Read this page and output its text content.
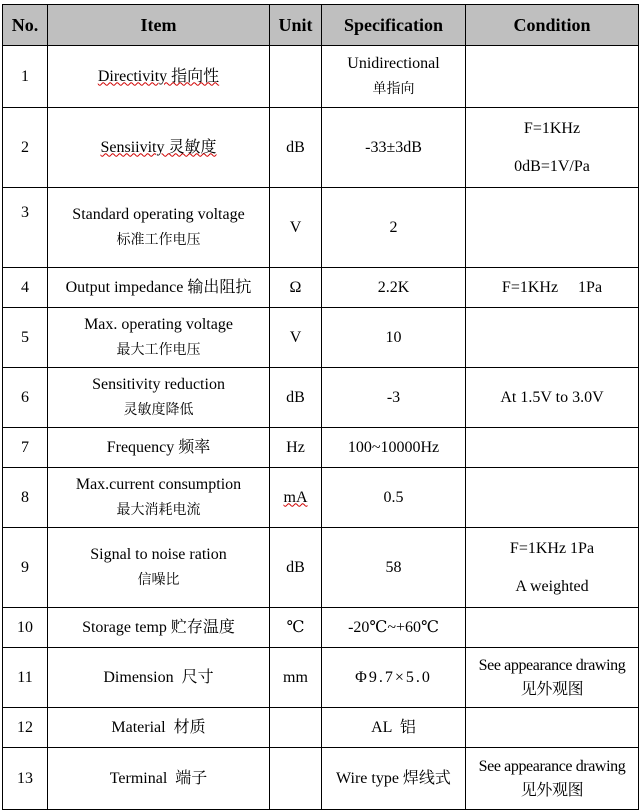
No.	Item	Unit	Specification	Condition
1	Directivity 指向性		Unidirectional
单指向	

2	Sensiivity 灵敏度	dB	-33±3dB	F=1KHz
0dB=1V/Pa

3	Standard operating voltage
标准工作电压	V	2	
4	Output impedance 输出阻抗	Ω	2.2K	F=1KHz　 1Pa
5	Max. operating voltage
最大工作电压	V	10	
6	Sensitivity reduction
灵敏度降低	dB	-3	At 1.5V to 3.0V
7	Frequency 频率	Hz	100~10000Hz	
8	Max.current consumption
最大消耗电流	mA	0.5	
9	Signal to noise ration
信噪比	dB	58	F=1KHz 1Pa
A weighted

10	Storage temp 贮存温度	℃	-20℃~+60℃	
11	Dimension  尺寸	mm	Φ9.7×5.0	See appearance drawing
见外观图

12	Material  材质		AL  铝	
13	Terminal  端子		Wire type 焊线式	See appearance drawing
见外观图
